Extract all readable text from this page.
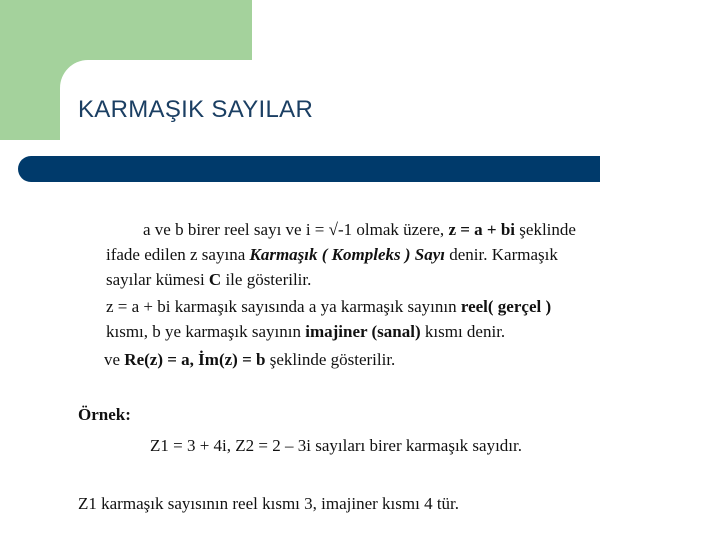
KARMAŞIK SAYILAR
a ve b birer reel sayı ve i = √-1 olmak üzere, z = a + bi şeklinde
ifade edilen z sayına Karmaşık ( Kompleks ) Sayı denir. Karmaşık
sayılar kümesi C ile gösterilir.
z = a + bi karmaşık sayısında a ya karmaşık sayının reel( gerçel )
kısmı, b ye karmaşık sayının imajiner (sanal) kısmı denir.
ve Re(z) = a, İm(z) = b şeklinde gösterilir.
Örnek:
Z1 = 3 + 4i, Z2 = 2 – 3i sayıları birer karmaşık sayıdır.
Z1 karmaşık sayısının reel kısmı 3, imajiner kısmı 4 tür.
